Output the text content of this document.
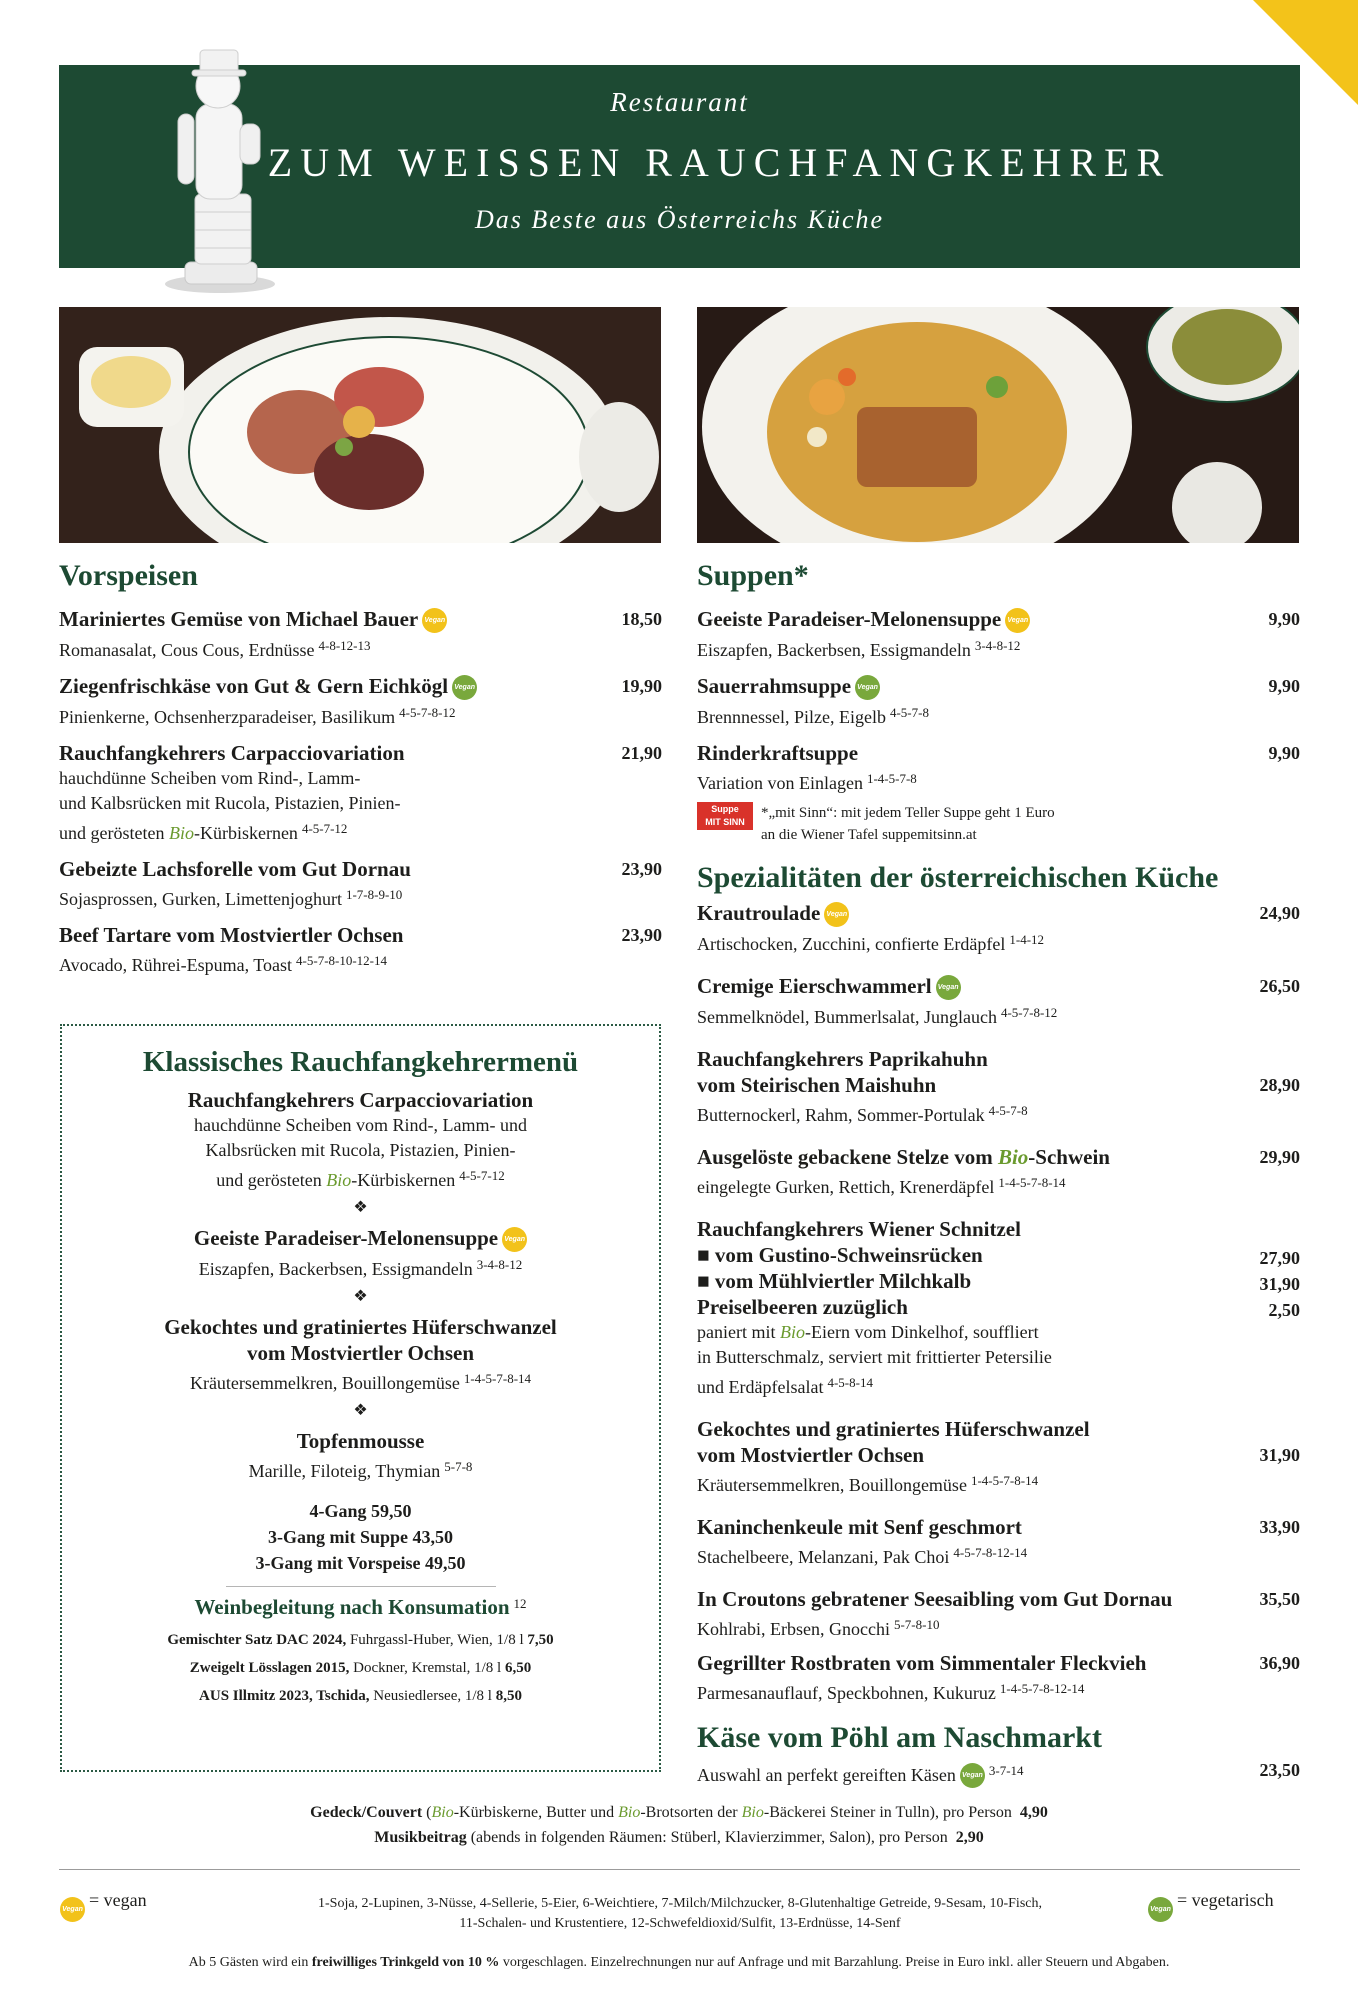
Restaurant
ZUM WEISSEN RAUCHFANGKEHRER
Das Beste aus Österreichs Küche
Vorspeisen
Mariniertes Gemüse von Michael Bauer Vegan
Romanasalat, Cous Cous, Erdnüsse $^{4-8-12-13}$
18,50
Ziegenfrischkäse von Gut & Gern Eichkögl Vegan
Pinienkerne, Ochsenherzparadeiser, Basilikum $^{4-5-7-8-12}$
19,90
Rauchfangkehrers Carpacciovariation
hauchdünne Scheiben vom Rind-, Lamm-
und Kalbsrücken mit Rucola, Pistazien, Pinien-
und gerösteten Bio-Kürbiskernen $^{4-5-7-12}$
21,90
Gebeizte Lachsforelle vom Gut Dornau
Sojasprossen, Gurken, Limettenjoghurt $^{1-7-8-9-10}$
23,90
Beef Tartare vom Mostviertler Ochsen
Avocado, Rührei-Espuma, Toast $^{4-5-7-8-10-12-14}$
23,90
Klassisches Rauchfangkehrermenü
Rauchfangkehrers Carpacciovariation
hauchdünne Scheiben vom Rind-, Lamm- und
Kalbsrücken mit Rucola, Pistazien, Pinien-
und gerösteten Bio-Kürbiskernen $^{4-5-7-12}$
❖
Geeiste Paradeiser-Melonensuppe Vegan
Eiszapfen, Backerbsen, Essigmandeln $^{3-4-8-12}$
❖
Gekochtes und gratiniertes Hüferschwanzel
vom Mostviertler Ochsen
Kräutersemmelkren, Bouillongemüse $^{1-4-5-7-8-14}$
❖
Topfenmousse
Marille, Filoteig, Thymian $^{5-7-8}$
4-Gang 59,50
3-Gang mit Suppe 43,50
3-Gang mit Vorspeise 49,50
Weinbegleitung nach Konsumation $^{12}$
Gemischter Satz DAC 2024, Fuhrgassl-Huber, Wien, 1/8 l 7,50
Zweigelt Lösslagen 2015, Dockner, Kremstal, 1/8 l 6,50
AUS Illmitz 2023, Tschida, Neusiedlersee, 1/8 l 8,50
Suppen*
Geeiste Paradeiser-Melonensuppe Vegan
Eiszapfen, Backerbsen, Essigmandeln $^{3-4-8-12}$
9,90
Sauerrahmsuppe Vegan
Brennnessel, Pilze, Eigelb $^{4-5-7-8}$
9,90
Rinderkraftsuppe
Variation von Einlagen $^{1-4-5-7-8}$
9,90
Suppe
MIT SINN
*„mit Sinn“: mit jedem Teller Suppe geht 1 Euro
an die Wiener Tafel suppemitsinn.at
Spezialitäten der österreichischen Küche
Krautroulade Vegan
Artischocken, Zucchini, confierte Erdäpfel $^{1-4-12}$
24,90
Cremige Eierschwammerl Vegan
Semmelknödel, Bummerlsalat, Junglauch $^{4-5-7-8-12}$
26,50
Rauchfangkehrers Paprikahuhn
vom Steirischen Maishuhn
Butternockerl, Rahm, Sommer-Portulak $^{4-5-7-8}$
28,90
Ausgelöste gebackene Stelze vom Bio-Schwein
eingelegte Gurken, Rettich, Krenerdäpfel $^{1-4-5-7-8-14}$
29,90
Rauchfangkehrers Wiener Schnitzel
■ vom Gustino-Schweinsrücken	27,90
■ vom Mühlviertler Milchkalb	31,90
Preiselbeeren zuzüglich	2,50
paniert mit Bio-Eiern vom Dinkelhof, souffliert
in Butterschmalz, serviert mit frittierter Petersilie
und Erdäpfelsalat $^{4-5-8-14}$
Gekochtes und gratiniertes Hüferschwanzel
vom Mostviertler Ochsen
Kräutersemmelkren, Bouillongemüse $^{1-4-5-7-8-14}$
31,90
Kaninchenkeule mit Senf geschmort
Stachelbeere, Melanzani, Pak Choi $^{4-5-7-8-12-14}$
33,90
In Croutons gebratener Seesaibling vom Gut Dornau
Kohlrabi, Erbsen, Gnocchi $^{5-7-8-10}$
35,50
Gegrillter Rostbraten vom Simmentaler Fleckvieh
Parmesanauflauf, Speckbohnen, Kukuruz $^{1-4-5-7-8-12-14}$
36,90
Käse vom Pöhl am Naschmarkt
Auswahl an perfekt gereiften Käsen Vegan $^{3-7-14}$	23,50
Gedeck/Couvert (Bio-Kürbiskerne, Butter und Bio-Brotsorten der Bio-Bäckerei Steiner in Tulln), pro Person 4,90
Musikbeitrag (abends in folgenden Räumen: Stüberl, Klavierzimmer, Salon), pro Person 2,90
Vegan = vegan	1-Soja, 2-Lupinen, 3-Nüsse, 4-Sellerie, 5-Eier, 6-Weichtiere, 7-Milch/Milchzucker, 8-Glutenhaltige Getreide, 9-Sesam, 10-Fisch,
11-Schalen- und Krustentiere, 12-Schwefeldioxid/Sulfit, 13-Erdnüsse, 14-Senf
Vegan = vegetarisch
Ab 5 Gästen wird ein freiwilliges Trinkgeld von 10 % vorgeschlagen. Einzelrechnungen nur auf Anfrage und mit Barzahlung. Preise in Euro inkl. aller Steuern und Abgaben.
